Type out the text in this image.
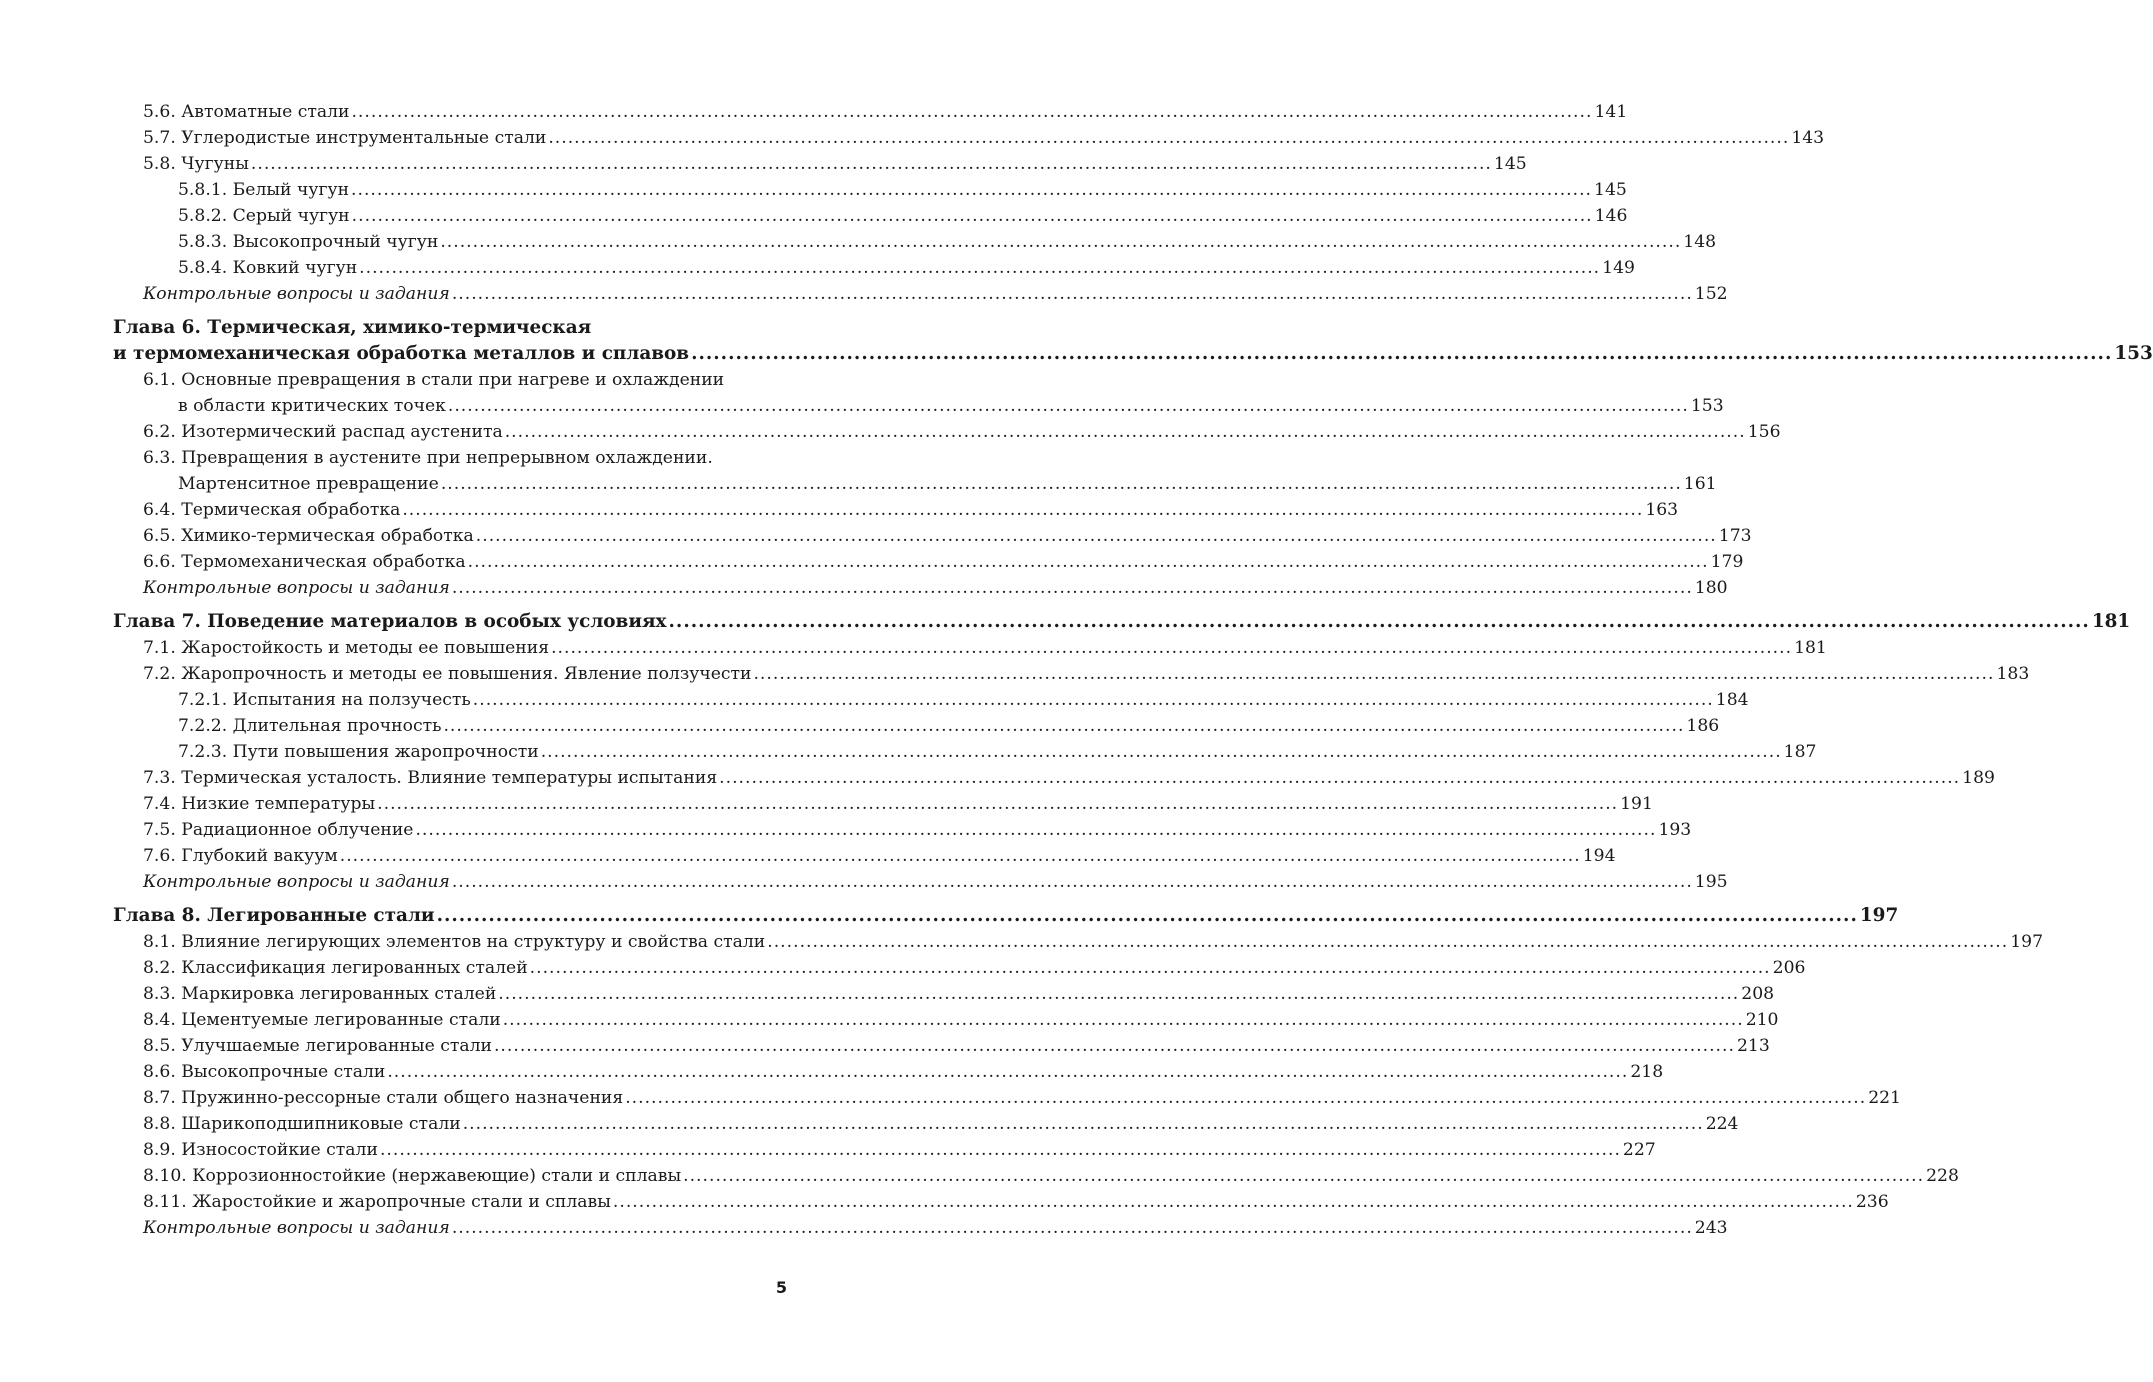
5.6. Автоматные стали .....	141
5.7. Углеродистые инструментальные стали .....	143
5.8. Чугуны .....	145
5.8.1. Белый чугун .....	145
5.8.2. Серый чугун .....	146
5.8.3. Высокопрочный чугун .....	148
5.8.4. Ковкий чугун .....	149
Контрольные вопросы и задания .....	152
Глава 6. Термическая, химико-термическая
и термомеханическая обработка металлов и сплавов .....	153
6.1. Основные превращения в стали при нагреве и охлаждении
в области критических точек .....	153
6.2. Изотермический распад аустенита .....	156
6.3. Превращения в аустените при непрерывном охлаждении.
Мартенситное превращение .....	161
6.4. Термическая обработка .....	163
6.5. Химико-термическая обработка .....	173
6.6. Термомеханическая обработка .....	179
Контрольные вопросы и задания .....	180
Глава 7. Поведение материалов в особых условиях .....	181
7.1. Жаростойкость и методы ее повышения .....	181
7.2. Жаропрочность и методы ее повышения. Явление ползучести .....	183
7.2.1. Испытания на ползучесть .....	184
7.2.2. Длительная прочность .....	186
7.2.3. Пути повышения жаропрочности .....	187
7.3. Термическая усталость. Влияние температуры испытания .....	189
7.4. Низкие температуры .....	191
7.5. Радиационное облучение .....	193
7.6. Глубокий вакуум .....	194
Контрольные вопросы и задания .....	195
Глава 8. Легированные стали .....	197
8.1. Влияние легирующих элементов на структуру и свойства стали .....	197
8.2. Классификация легированных сталей .....	206
8.3. Маркировка легированных сталей .....	208
8.4. Цементуемые легированные стали .....	210
8.5. Улучшаемые легированные стали .....	213
8.6. Высокопрочные стали .....	218
8.7. Пружинно-рессорные стали общего назначения .....	221
8.8. Шарикоподшипниковые стали .....	224
8.9. Износостойкие стали .....	227
8.10. Коррозионностойкие (нержавеющие) стали и сплавы .....	228
8.11. Жаростойкие и жаропрочные стали и сплавы .....	236
Контрольные вопросы и задания .....	243
5
